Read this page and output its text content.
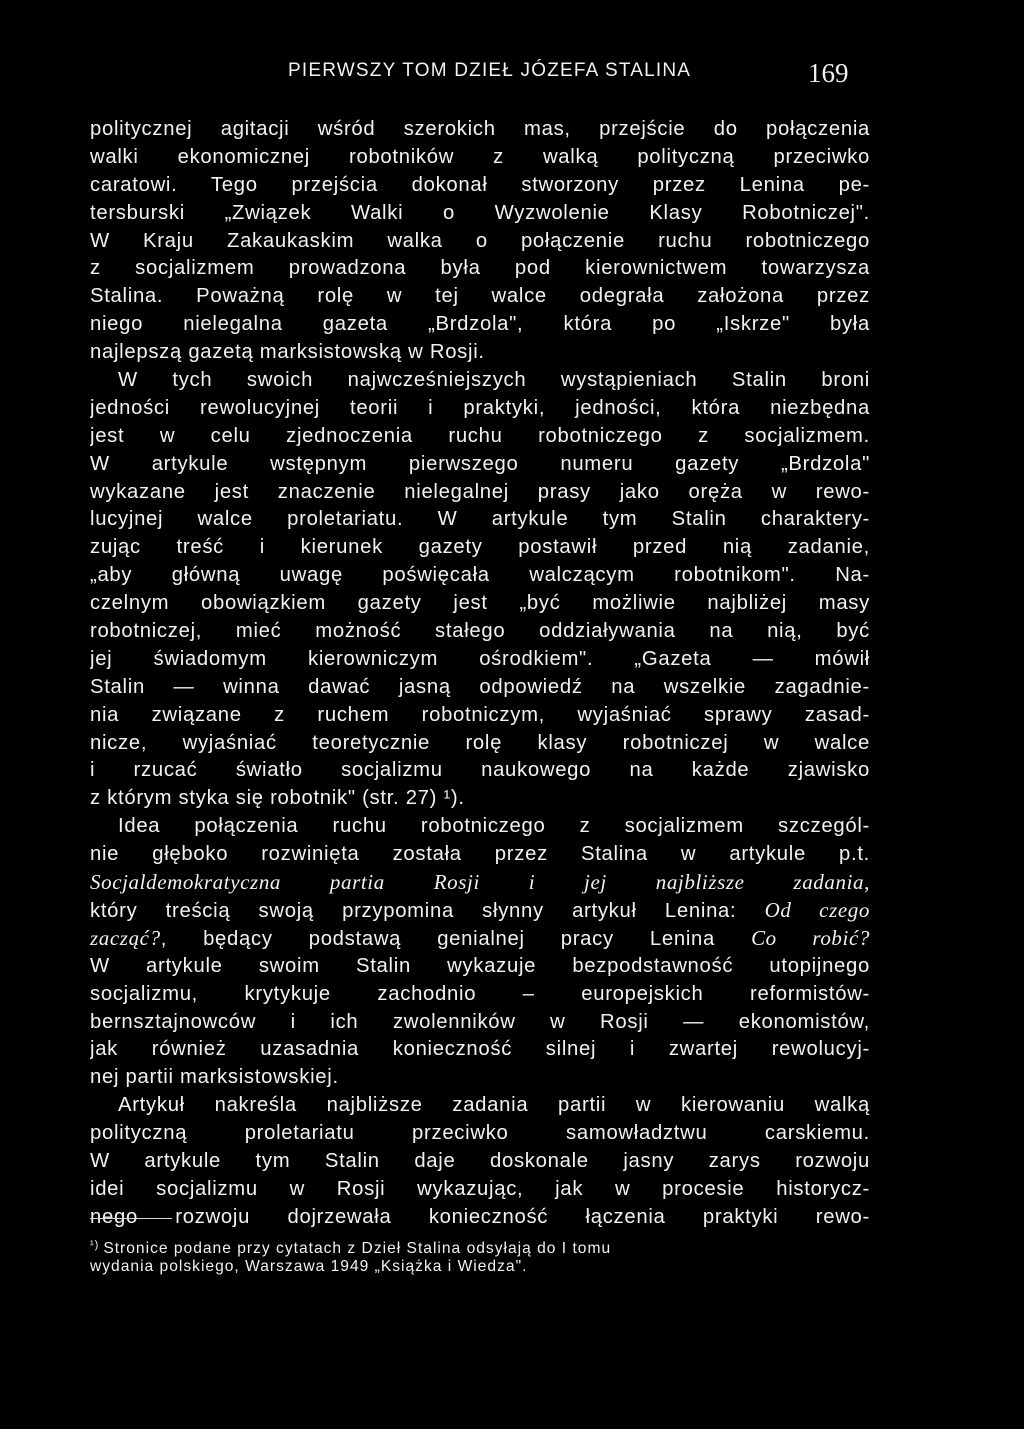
PIERWSZY TOM DZIEŁ JÓZEFA STALINA	169
politycznej agitacji wśród szerokich mas, przejście do połączenia
walki ekonomicznej robotników z walką polityczną przeciwko
caratowi. Tego przejścia dokonał stworzony przez Lenina pe-
tersburski „Związek Walki o Wyzwolenie Klasy Robotniczej".
W Kraju Zakaukaskim walka o połączenie ruchu robotniczego
z socjalizmem prowadzona była pod kierownictwem towarzysza
Stalina. Poważną rolę w tej walce odegrała założona przez
niego nielegalna gazeta „Brdzola", która po „Iskrze" była
najlepszą gazetą marksistowską w Rosji.
W tych swoich najwcześniejszych wystąpieniach Stalin broni
jedności rewolucyjnej teorii i praktyki, jedności, która niezbędna
jest w celu zjednoczenia ruchu robotniczego z socjalizmem.
W artykule wstępnym pierwszego numeru gazety „Brdzola"
wykazane jest znaczenie nielegalnej prasy jako oręża w rewo-
lucyjnej walce proletariatu. W artykule tym Stalin charaktery-
zując treść i kierunek gazety postawił przed nią zadanie,
„aby główną uwagę poświęcała walczącym robotnikom". Na-
czelnym obowiązkiem gazety jest „być możliwie najbliżej masy
robotniczej, mieć możność stałego oddziaływania na nią, być
jej świadomym kierowniczym ośrodkiem". „Gazeta — mówił
Stalin — winna dawać jasną odpowiedź na wszelkie zagadnie-
nia związane z ruchem robotniczym, wyjaśniać sprawy zasad-
nicze, wyjaśniać teoretycznie rolę klasy robotniczej w walce
i rzucać światło socjalizmu naukowego na każde zjawisko
z którym styka się robotnik" (str. 27) ¹).
Idea połączenia ruchu robotniczego z socjalizmem szczegól-
nie głęboko rozwinięta została przez Stalina w artykule p.t.
Socjaldemokratyczna partia Rosji i jej najbliższe zadania,
który treścią swoją przypomina słynny artykuł Lenina: Od czego
zacząć?, będący podstawą genialnej pracy Lenina Co robić?
W artykule swoim Stalin wykazuje bezpodstawność utopijnego
socjalizmu, krytykuje zachodnio – europejskich reformistów-
bernsztajnowców i ich zwolenników w Rosji — ekonomistów,
jak również uzasadnia konieczność silnej i zwartej rewolucyj-
nej partii marksistowskiej.
Artykuł nakreśla najbliższe zadania partii w kierowaniu walką
polityczną proletariatu przeciwko samowładztwu carskiemu.
W artykule tym Stalin daje doskonale jasny zarys rozwoju
idei socjalizmu w Rosji wykazując, jak w procesie historycz-
nego rozwoju dojrzewała konieczność łączenia praktyki rewo-
$^{^1)}$ Stronice podane przy cytatach z Dzieł Stalina odsyłają do I tomu
wydania polskiego, Warszawa 1949 „Książka i Wiedza".
